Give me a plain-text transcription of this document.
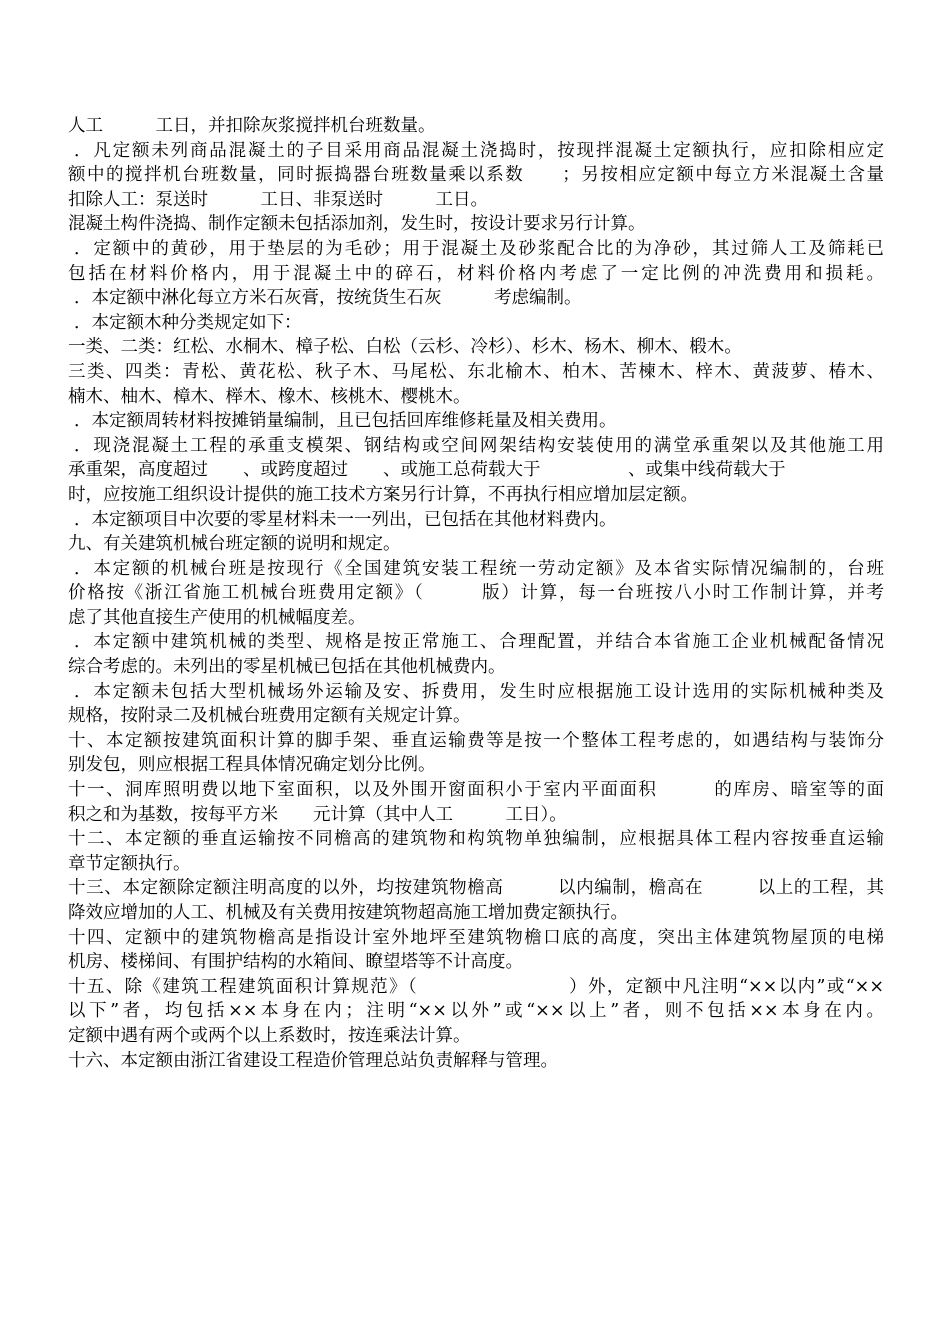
人工　　　工日，并扣除灰浆搅拌机台班数量。
．凡定额未列商品混凝土的子目采用商品混凝土浇捣时，按现拌混凝土定额执行，应扣除相应定
额中的搅拌机台班数量，同时振捣器台班数量乘以系数　　；另按相应定额中每立方米混凝土含量
扣除人工：泵送时　　　工日、非泵送时　　　工日。
混凝土构件浇捣、制作定额未包括添加剂，发生时，按设计要求另行计算。
．定额中的黄砂，用于垫层的为毛砂；用于混凝土及砂浆配合比的为净砂，其过筛人工及筛耗已
包括在材料价格内，用于混凝土中的碎石，材料价格内考虑了一定比例的冲洗费用和损耗。
．本定额中淋化每立方米石灰膏，按统货生石灰　　　考虑编制。
．本定额木种分类规定如下：
一类、二类：红松、水桐木、樟子松、白松（云杉、冷杉）、杉木、杨木、柳木、椴木。
三类、四类：青松、黄花松、秋子木、马尾松、东北榆木、柏木、苦楝木、梓木、黄菠萝、椿木、
楠木、柚木、樟木、榉木、橡木、核桃木、樱桃木。
．本定额周转材料按摊销量编制，且已包括回库维修耗量及相关费用。
．现浇混凝土工程的承重支模架、钢结构或空间网架结构安装使用的满堂承重架以及其他施工用
承重架，高度超过　　、或跨度超过　　、或施工总荷载大于　　　　　、或集中线荷载大于
时，应按施工组织设计提供的施工技术方案另行计算，不再执行相应增加层定额。
．本定额项目中次要的零星材料未一一列出，已包括在其他材料费内。
九、有关建筑机械台班定额的说明和规定。
．本定额的机械台班是按现行《全国建筑安装工程统一劳动定额》及本省实际情况编制的，台班
价格按《浙江省施工机械台班费用定额》（　　　版）计算，每一台班按八小时工作制计算，并考
虑了其他直接生产使用的机械幅度差。
．本定额中建筑机械的类型、规格是按正常施工、合理配置，并结合本省施工企业机械配备情况
综合考虑的。未列出的零星机械已包括在其他机械费内。
．本定额未包括大型机械场外运输及安、拆费用，发生时应根据施工设计选用的实际机械种类及
规格，按附录二及机械台班费用定额有关规定计算。
十、本定额按建筑面积计算的脚手架、垂直运输费等是按一个整体工程考虑的，如遇结构与装饰分
别发包，则应根据工程具体情况确定划分比例。
十一、洞库照明费以地下室面积，以及外围开窗面积小于室内平面面积　　　的库房、暗室等的面
积之和为基数，按每平方米　　元计算（其中人工　　　工日）。
十二、本定额的垂直运输按不同檐高的建筑物和构筑物单独编制，应根据具体工程内容按垂直运输
章节定额执行。
十三、本定额除定额注明高度的以外，均按建筑物檐高　　　以内编制，檐高在　　　以上的工程，其
降效应增加的人工、机械及有关费用按建筑物超高施工增加费定额执行。
十四、定额中的建筑物檐高是指设计室外地坪至建筑物檐口底的高度，突出主体建筑物屋顶的电梯
机房、楼梯间、有围护结构的水箱间、瞭望塔等不计高度。
十五、除《建筑工程建筑面积计算规范》（　　　　　　　　）外，定额中凡注明“××以内”或“××
以下”者，均包括××本身在内；注明“××以外”或“××以上”者，则不包括××本身在内。
定额中遇有两个或两个以上系数时，按连乘法计算。
十六、本定额由浙江省建设工程造价管理总站负责解释与管理。
